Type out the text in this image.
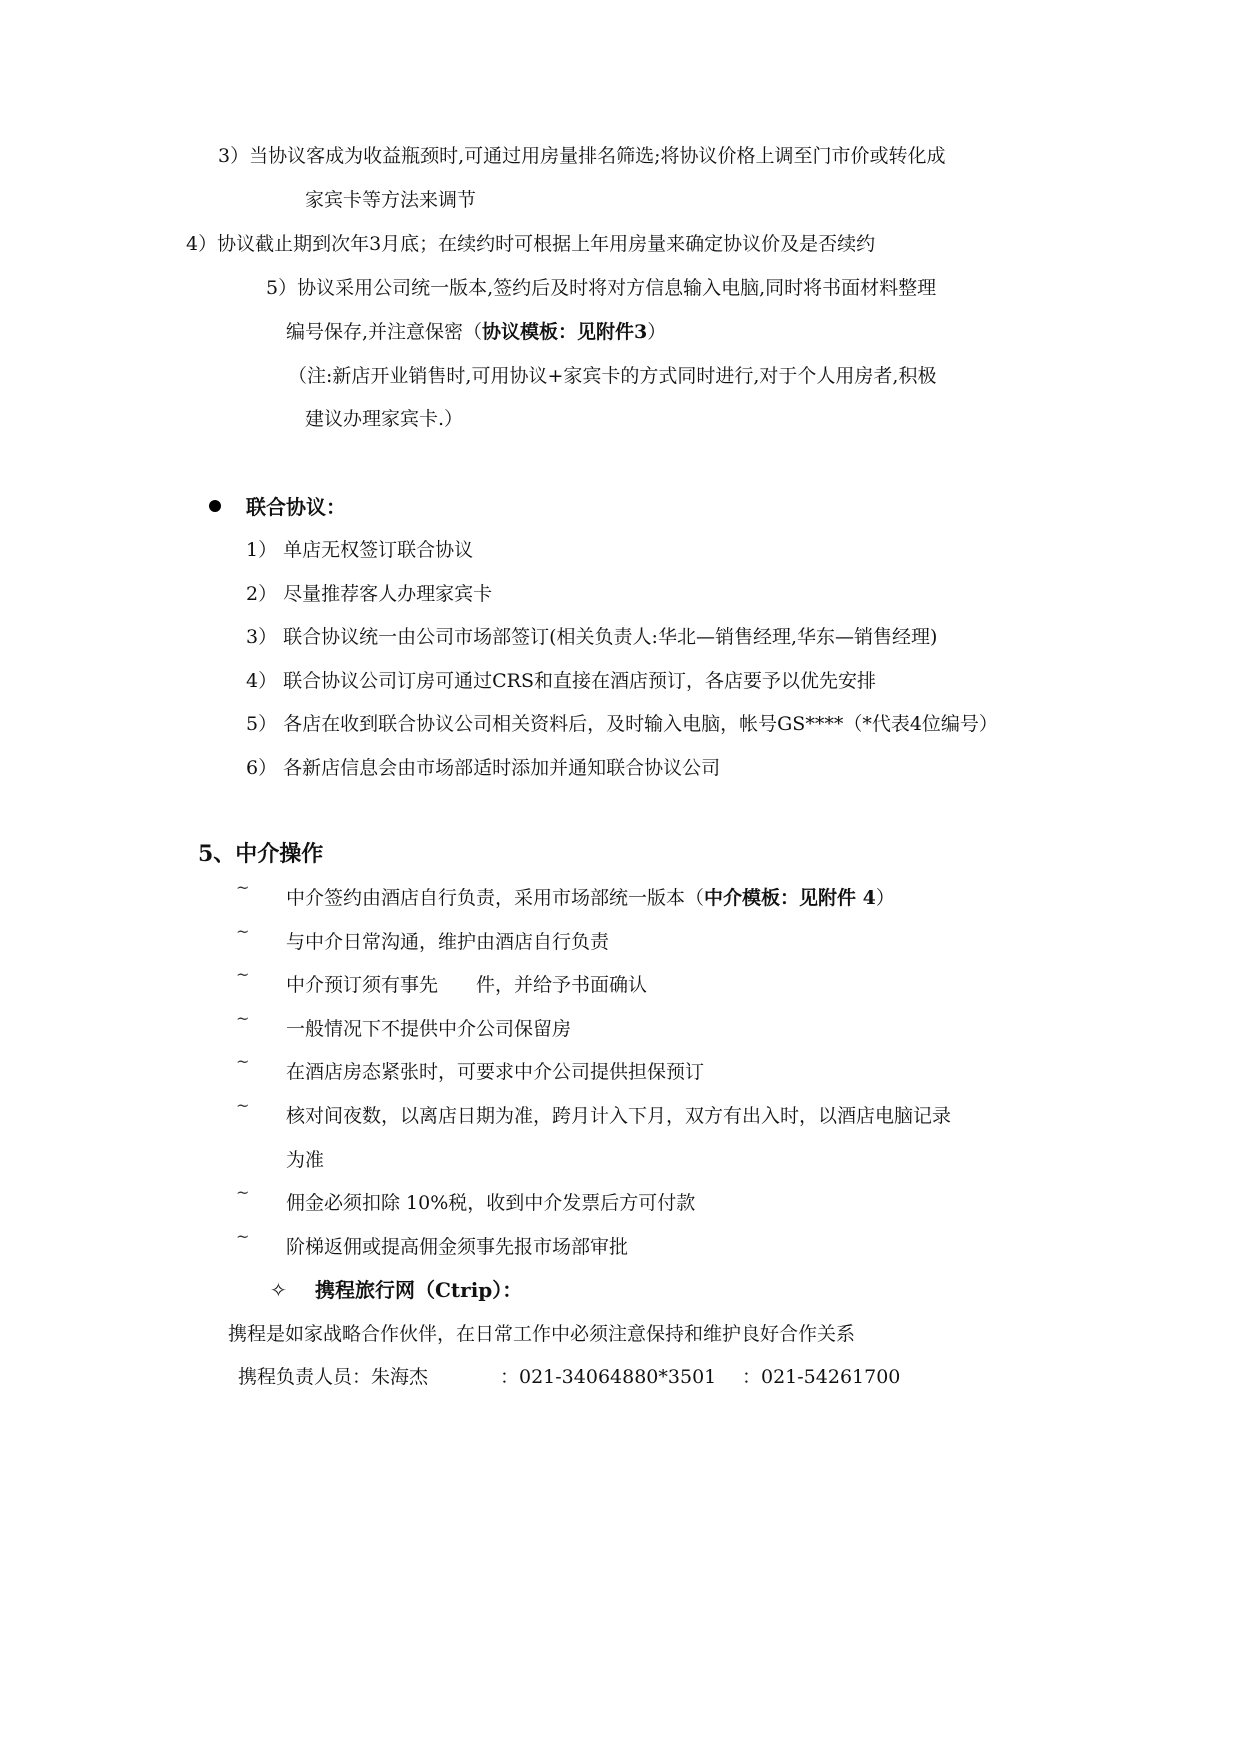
3）当协议客成为收益瓶颈时,可通过用房量排名筛选;将协议价格上调至门市价或转化成
家宾卡等方法来调节
4）协议截止期到次年3月底；在续约时可根据上年用房量来确定协议价及是否续约
5）协议采用公司统一版本,签约后及时将对方信息输入电脑,同时将书面材料整理
编号保存,并注意保密（协议模板：见附件3）
（注:新店开业销售时,可用协议+家宾卡的方式同时进行,对于个人用房者,积极
建议办理家宾卡.）
联合协议：
1） 单店无权签订联合协议
2） 尽量推荐客人办理家宾卡
3） 联合协议统一由公司市场部签订(相关负责人:华北—销售经理,华东—销售经理)
4） 联合协议公司订房可通过CRS和直接在酒店预订，各店要予以优先安排
5） 各店在收到联合协议公司相关资料后，及时输入电脑，帐号GS****（*代表4位编号）
6） 各新店信息会由市场部适时添加并通知联合协议公司
5、中介操作
~ 中介签约由酒店自行负责，采用市场部统一版本（中介模板：见附件 4）
~ 与中介日常沟通，维护由酒店自行负责
~ 中介预订须有事先　　件，并给予书面确认
~ 一般情况下不提供中介公司保留房
~ 在酒店房态紧张时，可要求中介公司提供担保预订
~ 核对间夜数，以离店日期为准，跨月计入下月，双方有出入时，以酒店电脑记录
为准
~ 佣金必须扣除 10%税，收到中介发票后方可付款
~ 阶梯返佣或提高佣金须事先报市场部审批
✧ 携程旅行网（Ctrip）：
携程是如家战略合作伙伴，在日常工作中必须注意保持和维护良好合作关系
携程负责人员：朱海杰	：021-34064880*3501 ：021-54261700
